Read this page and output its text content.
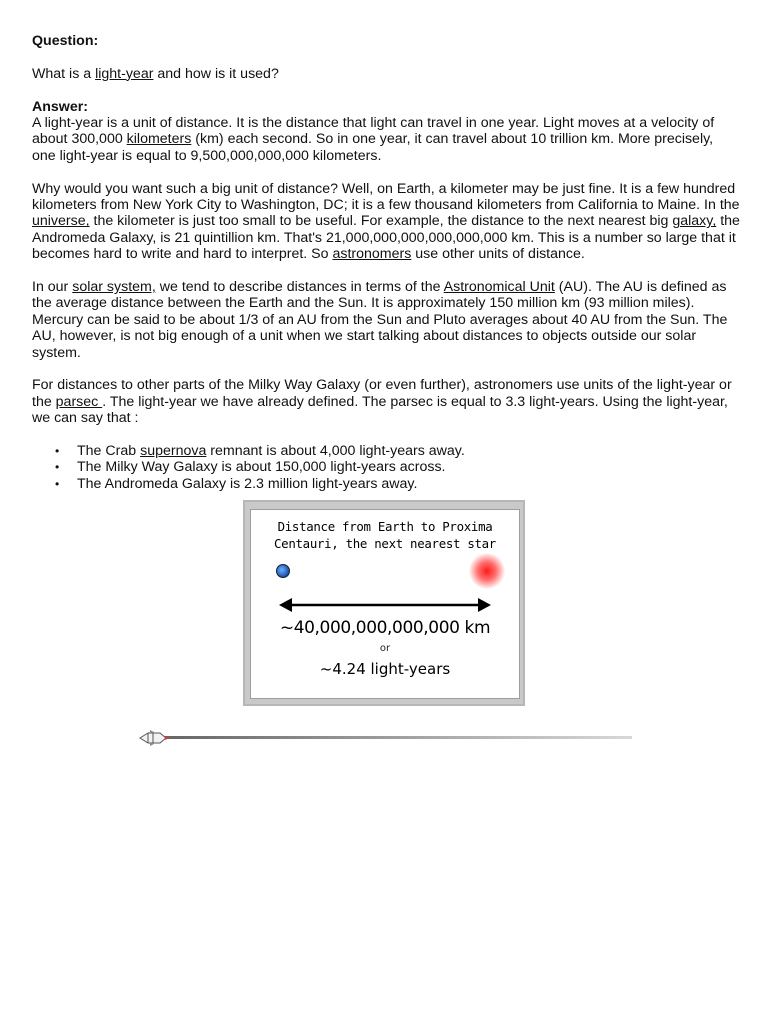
Question:

What is a light-year and how is it used?

Answer:

A light-year is a unit of distance. It is the distance that light can travel in one year. Light moves at a velocity of about 300,000 kilometers (km) each second. So in one year, it can travel about 10 trillion km. More precisely, one light-year is equal to 9,500,000,000,000 kilometers.

Why would you want such a big unit of distance? Well, on Earth, a kilometer may be just fine. It is a few hundred kilometers from New York City to Washington, DC; it is a few thousand kilometers from California to Maine. In the universe, the kilometer is just too small to be useful. For example, the distance to the next nearest big galaxy, the Andromeda Galaxy, is 21 quintillion km. That's 21,000,000,000,000,000,000 km. This is a number so large that it becomes hard to write and hard to interpret. So astronomers use other units of distance.

In our solar system, we tend to describe distances in terms of the Astronomical Unit (AU). The AU is defined as the average distance between the Earth and the Sun. It is approximately 150 million km (93 million miles). Mercury can be said to be about 1/3 of an AU from the Sun and Pluto averages about 40 AU from the Sun. The AU, however, is not big enough of a unit when we start talking about distances to objects outside our solar system.

For distances to other parts of the Milky Way Galaxy (or even further), astronomers use units of the light-year or the parsec . The light-year we have already defined. The parsec is equal to 3.3 light-years. Using the light-year, we can say that :

• The Crab supernova remnant is about 4,000 light-years away.
• The Milky Way Galaxy is about 150,000 light-years across.
• The Andromeda Galaxy is 2.3 million light-years away.
Distance from Earth to Proxima
Centauri, the next nearest star
~40,000,000,000,000 km
or
~4.24 light-years
